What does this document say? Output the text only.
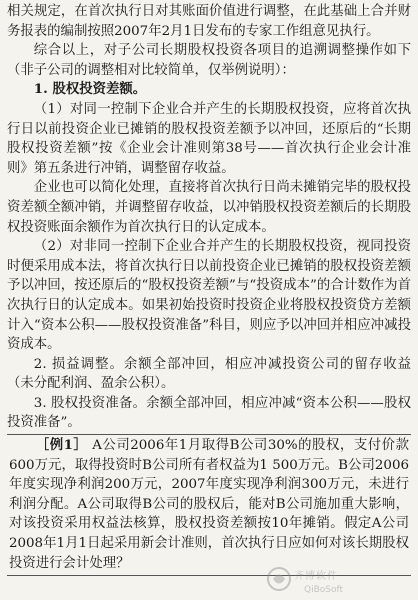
相关规定，在首次执行日对其账面价值进行调整，在此基础上合并财务报表的编制按照2007年2月1日发布的专家工作组意见执行。

综合以上，对子公司长期股权投资各项目的追溯调整操作如下（非子公司的调整相对比较简单，仅举例说明）：

1. 股权投资差额。

（1）对同一控制下企业合并产生的长期股权投资，应将首次执行日以前投资企业已摊销的股权投资差额予以冲回，还原后的“长期股权投资差额”按《企业会计准则第38号——首次执行企业会计准则》第五条进行冲销，调整留存收益。

企业也可以简化处理，直接将首次执行日尚未摊销完毕的股权投资差额全额冲销，并调整留存收益，以冲销股权投资差额后的长期股权投资账面余额作为首次执行日的认定成本。

（2）对非同一控制下企业合并产生的长期股权投资，视同投资时便采用成本法，将首次执行日以前投资企业已摊销的股权投资差额予以冲回，按还原后的“股权投资差额”与“投资成本”的合计数作为首次执行日的认定成本。如果初始投资时投资企业将股权投资贷方差额计入“资本公积——股权投资准备”科目，则应予以冲回并相应冲减投资成本。

2. 损益调整。余额全部冲回，相应冲减投资公司的留存收益（未分配利润、盈余公积）。

3. 股权投资准备。余额全部冲回，相应冲减“资本公积——股权投资准备”。

［例1］ A公司2006年1月取得B公司30%的股权，支付价款600万元，取得投资时B公司所有者权益为1 500万元。B公司2006年度实现净利润200万元，2007年度实现净利润300万元，未进行利润分配。A公司取得B公司的股权后，能对B公司施加重大影响，对该投资采用权益法核算，股权投资差额按10年摊销。假定A公司2008年1月1日起采用新会计准则，首次执行日应如何对该长期股权投资进行会计处理？
齐博软件
QiBoSoft
